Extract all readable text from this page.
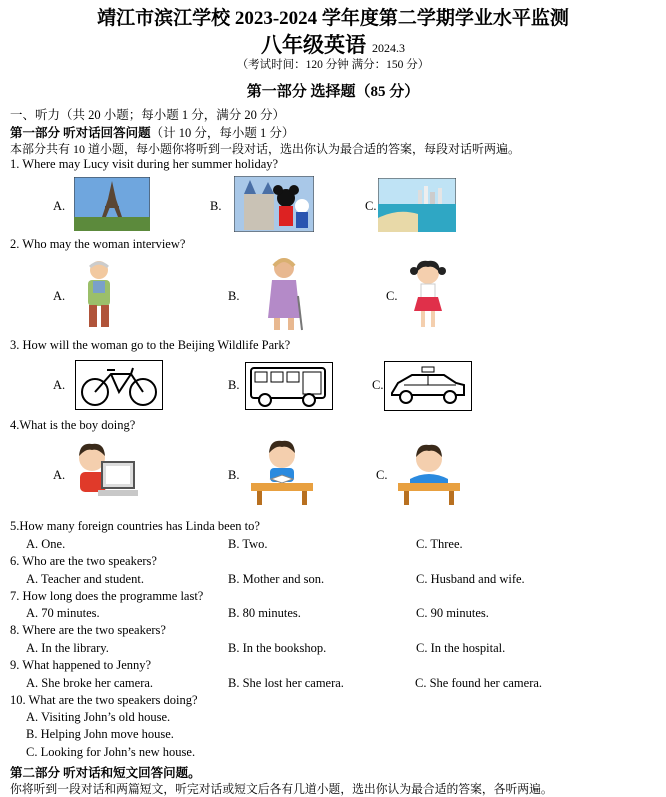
靖江市滨江学校 2023-2024 学年度第二学期学业水平监测
八年级英语 2024.3
（考试时间：120 分钟 满分：150 分）
第一部分 选择题（85 分）
一、听力（共 20 小题；每小题 1 分，满分 20 分）
第一部分 听对话回答问题（计 10 分，每小题 1 分）
本部分共有 10 道小题，每小题你将听到一段对话，选出你认为最合适的答案，每段对话听两遍。
1. Where may Lucy visit during her summer holiday?
A.	B.	C.
2. Who may the woman interview?
A.	B.	C.
3. How will the woman go to the Beijing Wildlife Park?
A.	B.	C.
4.What is the boy doing?
A.	B.	C.
5.How many foreign countries has Linda been to?
A. One.	B. Two.	C. Three.
6. Who are the two speakers?
A. Teacher and student.	B. Mother and son.	C. Husband and wife.
7. How long does the programme last?
A. 70 minutes.	B. 80 minutes.	C. 90 minutes.
8. Where are the two speakers?
A. In the library.	B. In the bookshop.	C. In the hospital.
9. What happened to Jenny?
A. She broke her camera.	B. She lost her camera.	C. She found her camera.
10. What are the two speakers doing?
A. Visiting John’s old house.
B. Helping John move house.
C. Looking for John’s new house.
第二部分 听对话和短文回答问题。
你将听到一段对话和两篇短文，听完对话或短文后各有几道小题，选出你认为最合适的答案，各听两遍。
